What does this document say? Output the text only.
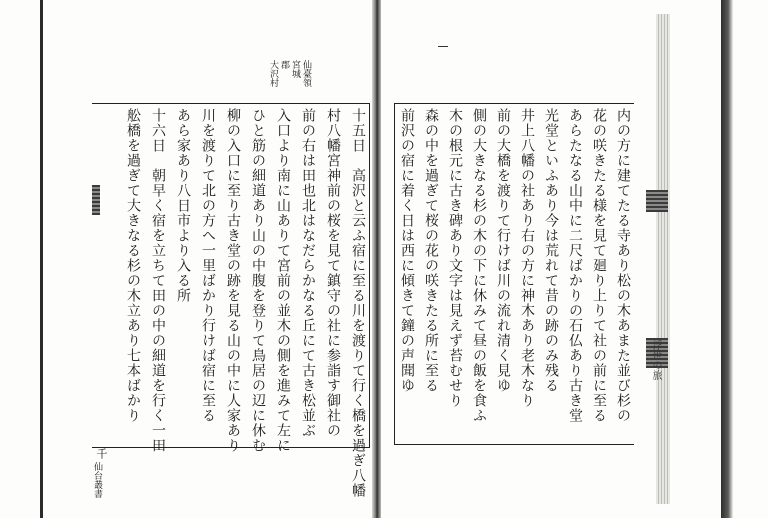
仙臺領
宮城
郡
大沢村
十五日　高沢と云ふ宿に至る川を渡りて行く橋を過ぎ八幡
村八幡宮神前の桜を見て鎮守の社に参詣す御社の
前の右は田也北はなだらかなる丘にて古き松並ぶ
入口より南に山ありて宮前の並木の側を進みて左に
ひと筋の細道あり山の中腹を登りて鳥居の辺に休む
柳の入口に至り古き堂の跡を見る山の中に人家あり
川を渡りて北の方へ一里ばかり行けば宿に至る
あら家あり八日市より入る所
十六日　朝早く宿を立ちて田の中の細道を行く一田
舩橋を過ぎて大きなる杉の木立あり七本ばかり
千
仙台叢書
内の方に建てたる寺あり松の木あまた並び杉の
花の咲きたる様を見て廻り上りて社の前に至る
あらたなる山中に二尺ばかりの石仏あり古き堂
光堂といふあり今は荒れて昔の跡のみ残る
井上八幡の社あり右の方に神木あり老木なり
前の大橋を渡りて行けば川の流れ清く見ゆ
側の大きなる杉の木の下に休みて昼の飯を食ふ
木の根元に古き碑あり文字は見えず苔むせり
森の中を過ぎて桜の花の咲きたる所に至る
前沢の宿に着く日は西に傾きて鐘の声聞ゆ	浮世の旅
